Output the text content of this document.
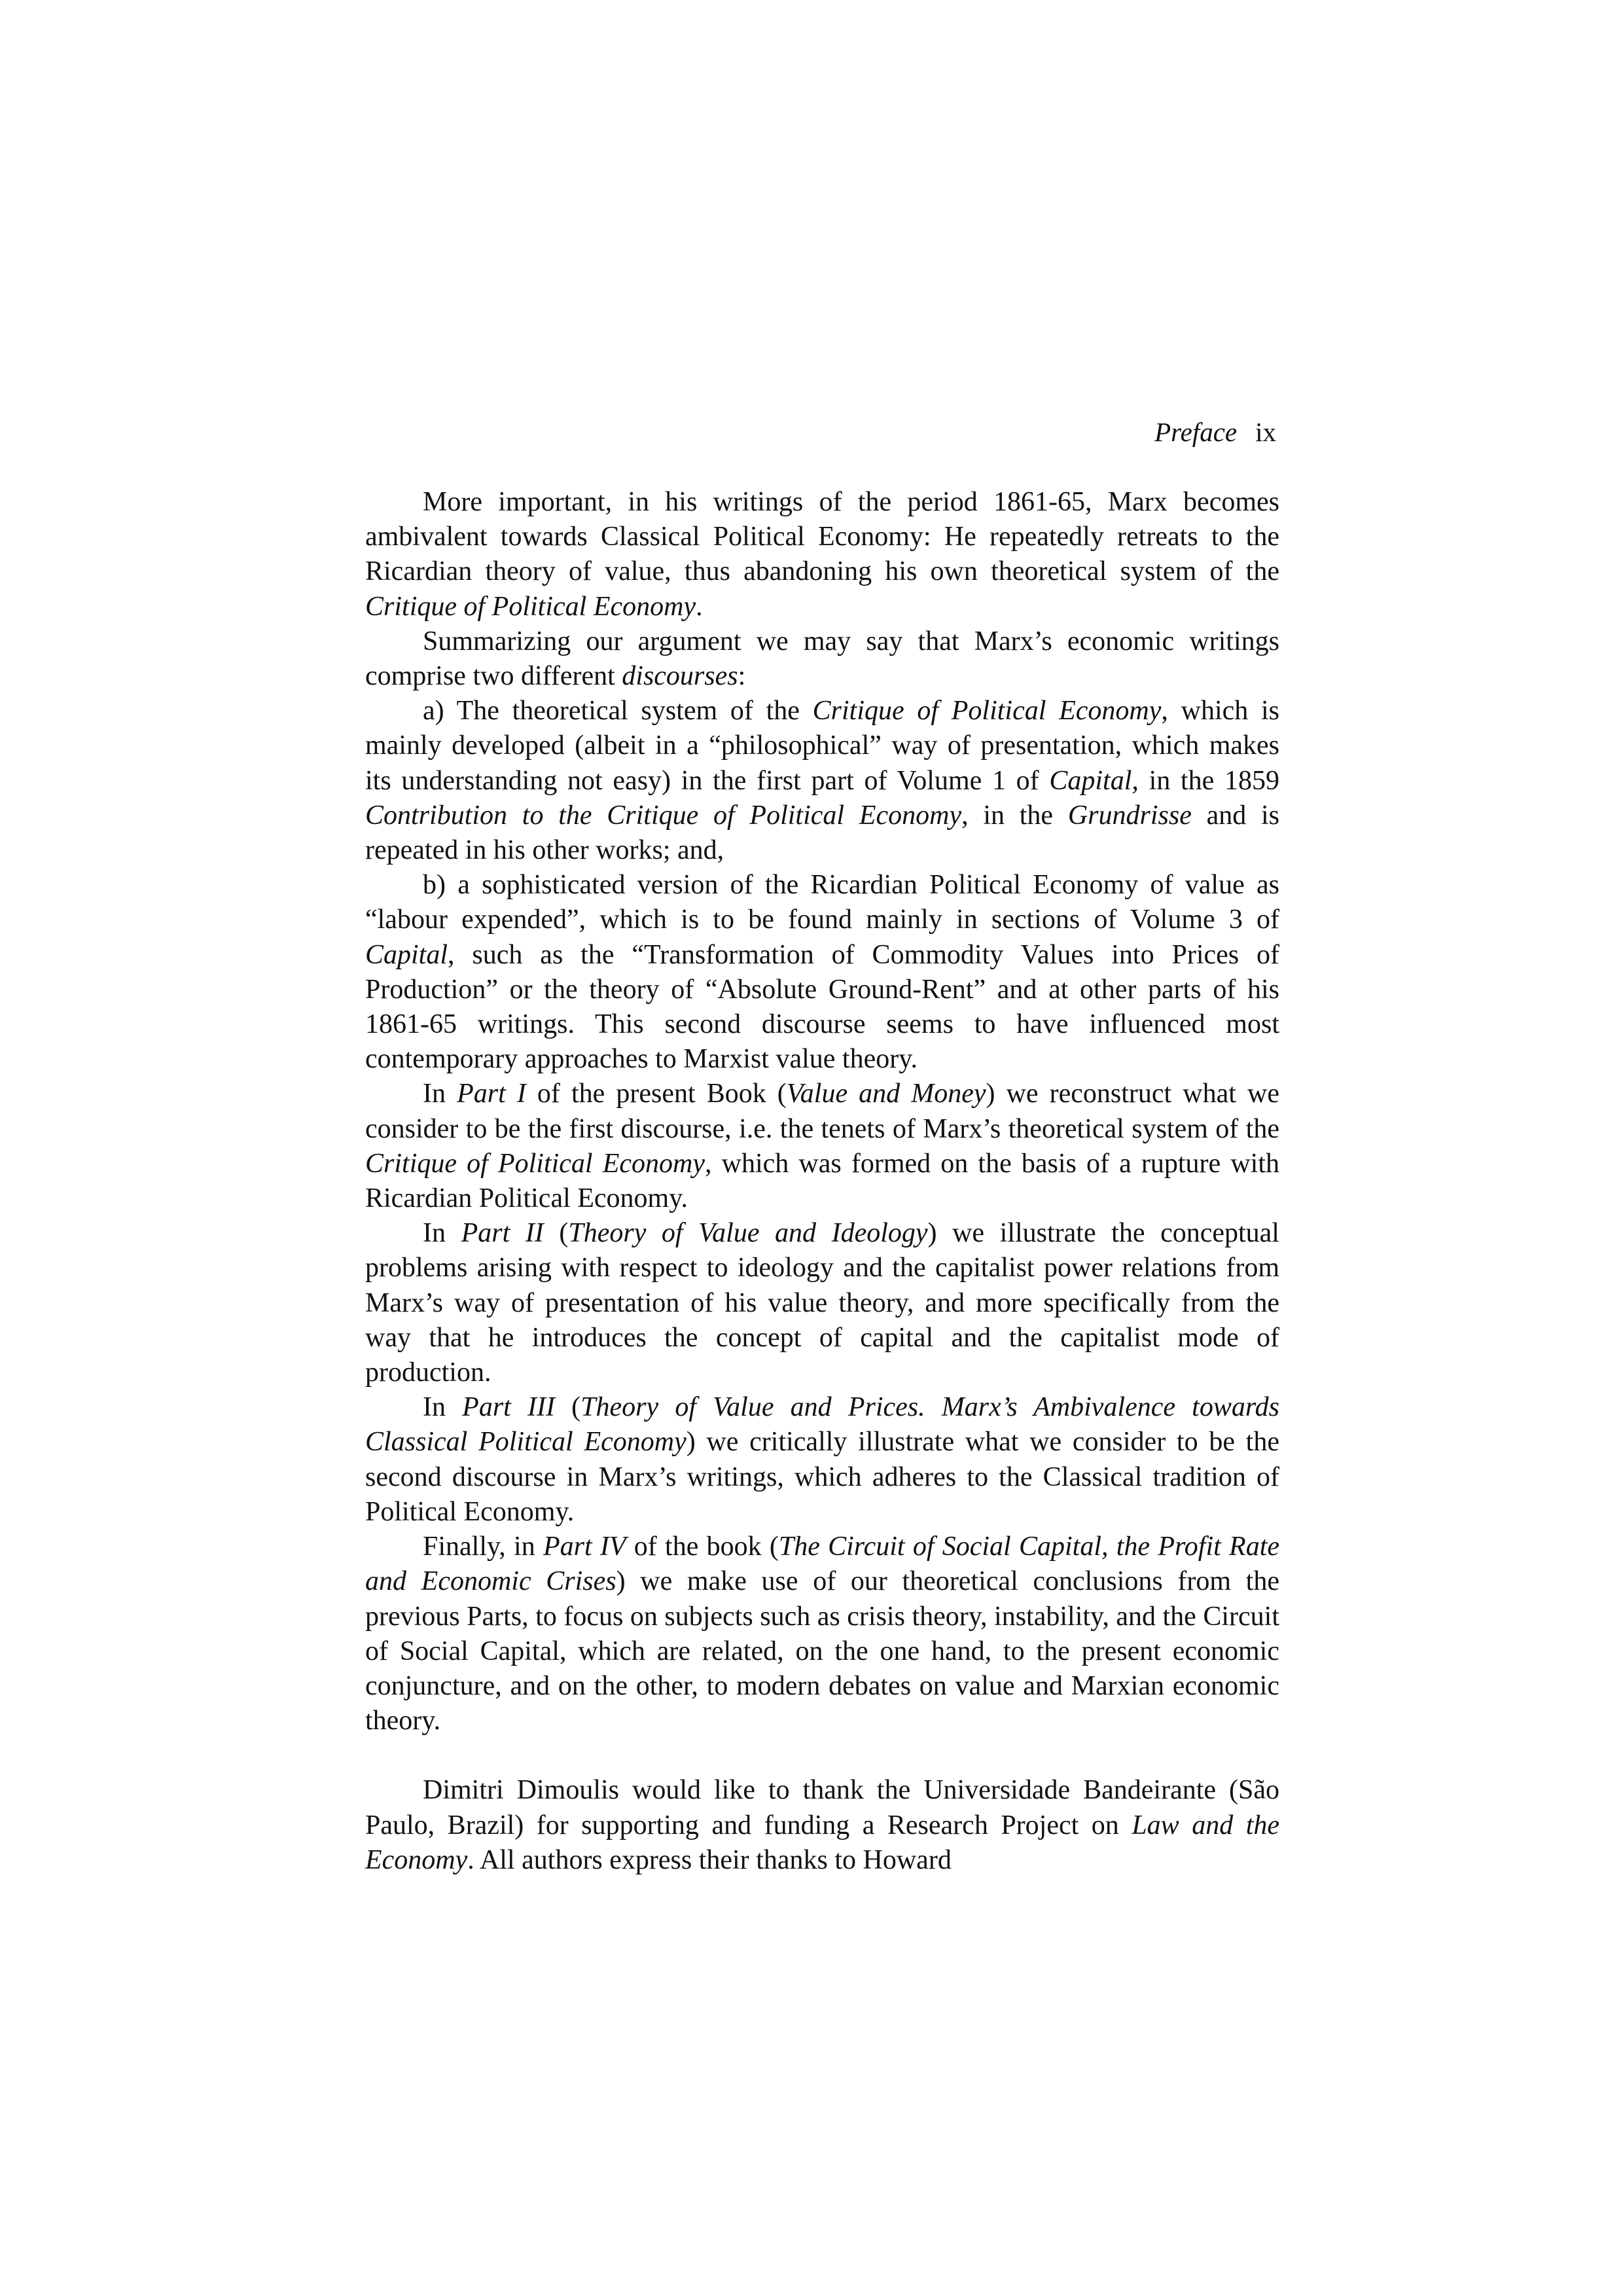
Preface ix

More important, in his writings of the period 1861-65, Marx becomes ambivalent towards Classical Political Economy: He repeatedly retreats to the Ricardian theory of value, thus abandoning his own theoretical system of the Critique of Political Economy.

Summarizing our argument we may say that Marx’s economic writings comprise two different discourses:

a) The theoretical system of the Critique of Political Economy, which is mainly developed (albeit in a “philosophical” way of presentation, which makes its understanding not easy) in the first part of Volume 1 of Capital, in the 1859 Contribution to the Critique of Political Economy, in the Grundrisse and is repeated in his other works; and,

b) a sophisticated version of the Ricardian Political Economy of value as “labour expended”, which is to be found mainly in sections of Volume 3 of Capital, such as the “Transformation of Commodity Values into Prices of Production” or the theory of “Absolute Ground-Rent” and at other parts of his 1861-65 writings. This second discourse seems to have influenced most contemporary approaches to Marxist value theory.

In Part I of the present Book (Value and Money) we reconstruct what we consider to be the first discourse, i.e. the tenets of Marx’s theoretical system of the Critique of Political Economy, which was formed on the basis of a rupture with Ricardian Political Economy.

In Part II (Theory of Value and Ideology) we illustrate the conceptual problems arising with respect to ideology and the capitalist power relations from Marx’s way of presentation of his value theory, and more specifically from the way that he introduces the concept of capital and the capitalist mode of production.

In Part III (Theory of Value and Prices. Marx’s Ambivalence towards Classical Political Economy) we critically illustrate what we consider to be the second discourse in Marx’s writings, which adheres to the Classical tradition of Political Economy.

Finally, in Part IV of the book (The Circuit of Social Capital, the Profit Rate and Economic Crises) we make use of our theoretical conclusions from the previous Parts, to focus on subjects such as crisis theory, instability, and the Circuit of Social Capital, which are related, on the one hand, to the present economic conjuncture, and on the other, to modern debates on value and Marxian economic theory.

Dimitri Dimoulis would like to thank the Universidade Bandeirante (São Paulo, Brazil) for supporting and funding a Research Project on Law and the Economy. All authors express their thanks to Howard
